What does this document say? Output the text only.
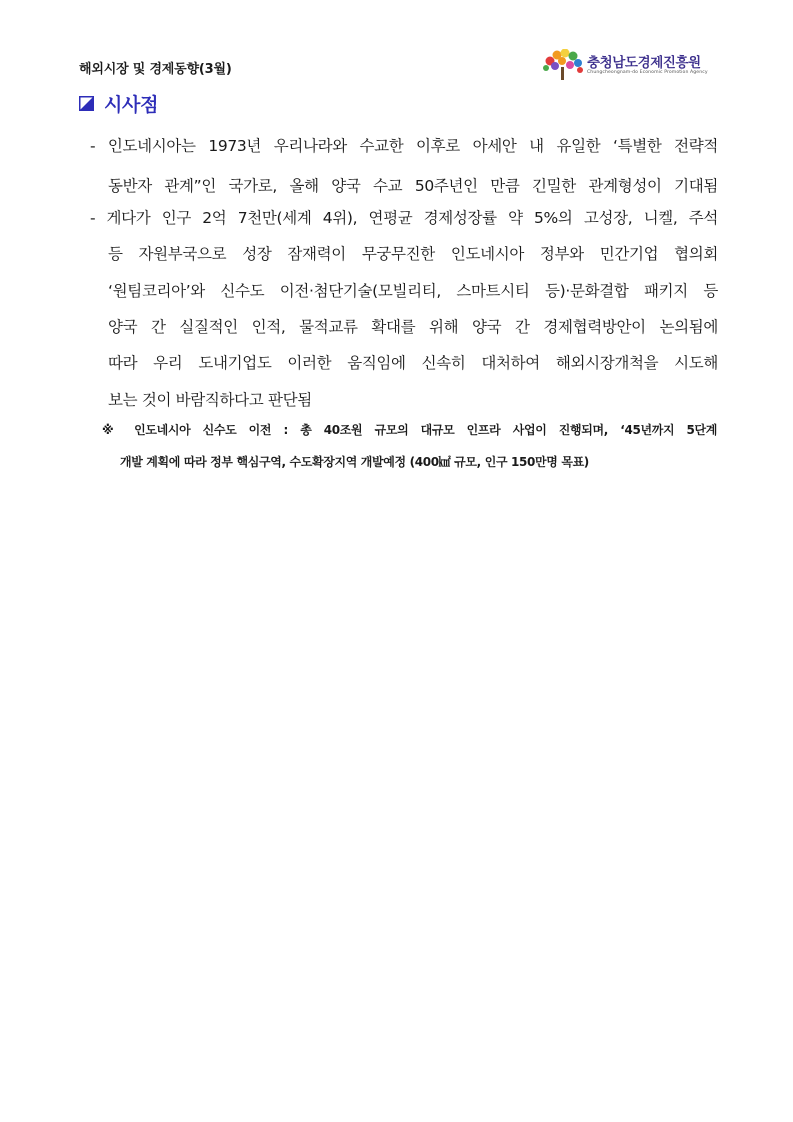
해외시장 및 경제동향(3월)	충청남도경제진흥원
Chungcheongnam-do Economic Promotion Agency
시사점
- 인도네시아는 1973년 우리나라와 수교한 이후로 아세안 내 유일한 ‘특별한 전략적
동반자 관계”인 국가로, 올해 양국 수교 50주년인 만큼 긴밀한 관계형성이 기대됨
- 게다가 인구 2억 7천만(세계 4위), 연평균 경제성장률 약 5%의 고성장, 니켈, 주석
등 자원부국으로 성장 잠재력이 무궁무진한 인도네시아 정부와 민간기업 협의회
‘원팀코리아’와 신수도 이전·첨단기술(모빌리티, 스마트시티 등)·문화결합 패키지 등
양국 간 실질적인 인적, 물적교류 확대를 위해 양국 간 경제협력방안이 논의됨에
따라 우리 도내기업도 이러한 움직임에 신속히 대처하여 해외시장개척을 시도해
보는 것이 바람직하다고 판단됨
※ 인도네시아 신수도 이전 : 총 40조원 규모의 대규모 인프라 사업이 진행되며, ‘45년까지 5단계
개발 계획에 따라 정부 핵심구역, 수도확장지역 개발예정 (400㎢ 규모, 인구 150만명 목표)
